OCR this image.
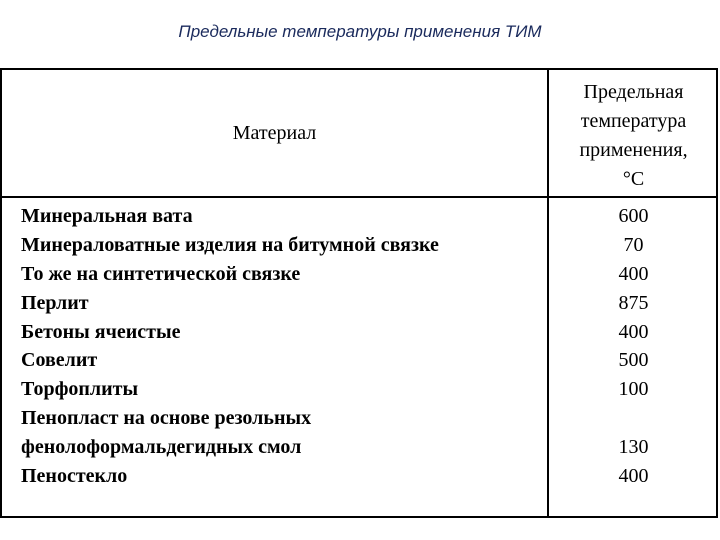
Предельные температуры применения ТИМ
Материал
Предельная
температура
применения,
°C
Минеральная вата
Минераловатные изделия на битумной связке
То же на синтетической связке
Перлит
Бетоны ячеистые
Совелит
Торфоплиты
Пенопласт на основе резольных
фенолоформальдегидных смол
Пеностекло
600
70
400
875
400
500
100
130
400
